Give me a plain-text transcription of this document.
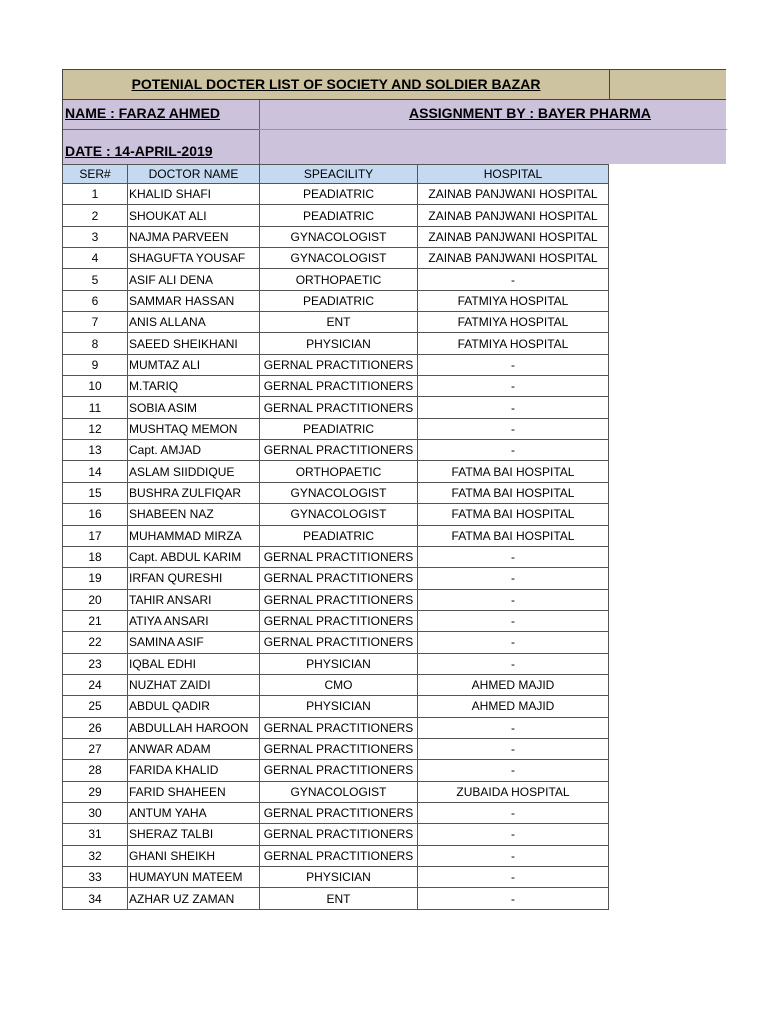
POTENIAL DOCTER LIST OF SOCIETY AND SOLDIER BAZAR
NAME : FARAZ AHMED
DATE : 14-APRIL-2019
ASSIGNMENT BY : BAYER PHARMA
SER#	DOCTOR NAME	SPEACILITY	HOSPITAL
1	KHALID SHAFI	PEADIATRIC	ZAINAB PANJWANI HOSPITAL
2	SHOUKAT ALI	PEADIATRIC	ZAINAB PANJWANI HOSPITAL
3	NAJMA PARVEEN	GYNACOLOGIST	ZAINAB PANJWANI HOSPITAL
4	SHAGUFTA YOUSAF	GYNACOLOGIST	ZAINAB PANJWANI HOSPITAL
5	ASIF ALI DENA	ORTHOPAETIC	-
6	SAMMAR HASSAN	PEADIATRIC	FATMIYA HOSPITAL
7	ANIS ALLANA	ENT	FATMIYA HOSPITAL
8	SAEED SHEIKHANI	PHYSICIAN	FATMIYA HOSPITAL
9	MUMTAZ ALI	GERNAL PRACTITIONERS	-
10	M.TARIQ	GERNAL PRACTITIONERS	-
11	SOBIA ASIM	GERNAL PRACTITIONERS	-
12	MUSHTAQ MEMON	PEADIATRIC	-
13	Capt. AMJAD	GERNAL PRACTITIONERS	-
14	ASLAM SIIDDIQUE	ORTHOPAETIC	FATMA BAI HOSPITAL
15	BUSHRA ZULFIQAR	GYNACOLOGIST	FATMA BAI HOSPITAL
16	SHABEEN NAZ	GYNACOLOGIST	FATMA BAI HOSPITAL
17	MUHAMMAD MIRZA	PEADIATRIC	FATMA BAI HOSPITAL
18	Capt. ABDUL KARIM	GERNAL PRACTITIONERS	-
19	IRFAN QURESHI	GERNAL PRACTITIONERS	-
20	TAHIR ANSARI	GERNAL PRACTITIONERS	-
21	ATIYA ANSARI	GERNAL PRACTITIONERS	-
22	SAMINA ASIF	GERNAL PRACTITIONERS	-
23	IQBAL EDHI	PHYSICIAN	-
24	NUZHAT ZAIDI	CMO	AHMED MAJID
25	ABDUL QADIR	PHYSICIAN	AHMED MAJID
26	ABDULLAH HAROON	GERNAL PRACTITIONERS	-
27	ANWAR ADAM	GERNAL PRACTITIONERS	-
28	FARIDA KHALID	GERNAL PRACTITIONERS	-
29	FARID SHAHEEN	GYNACOLOGIST	ZUBAIDA HOSPITAL
30	ANTUM YAHA	GERNAL PRACTITIONERS	-
31	SHERAZ TALBI	GERNAL PRACTITIONERS	-
32	GHANI SHEIKH	GERNAL PRACTITIONERS	-
33	HUMAYUN MATEEM	PHYSICIAN	-
34	AZHAR UZ ZAMAN	ENT	-
